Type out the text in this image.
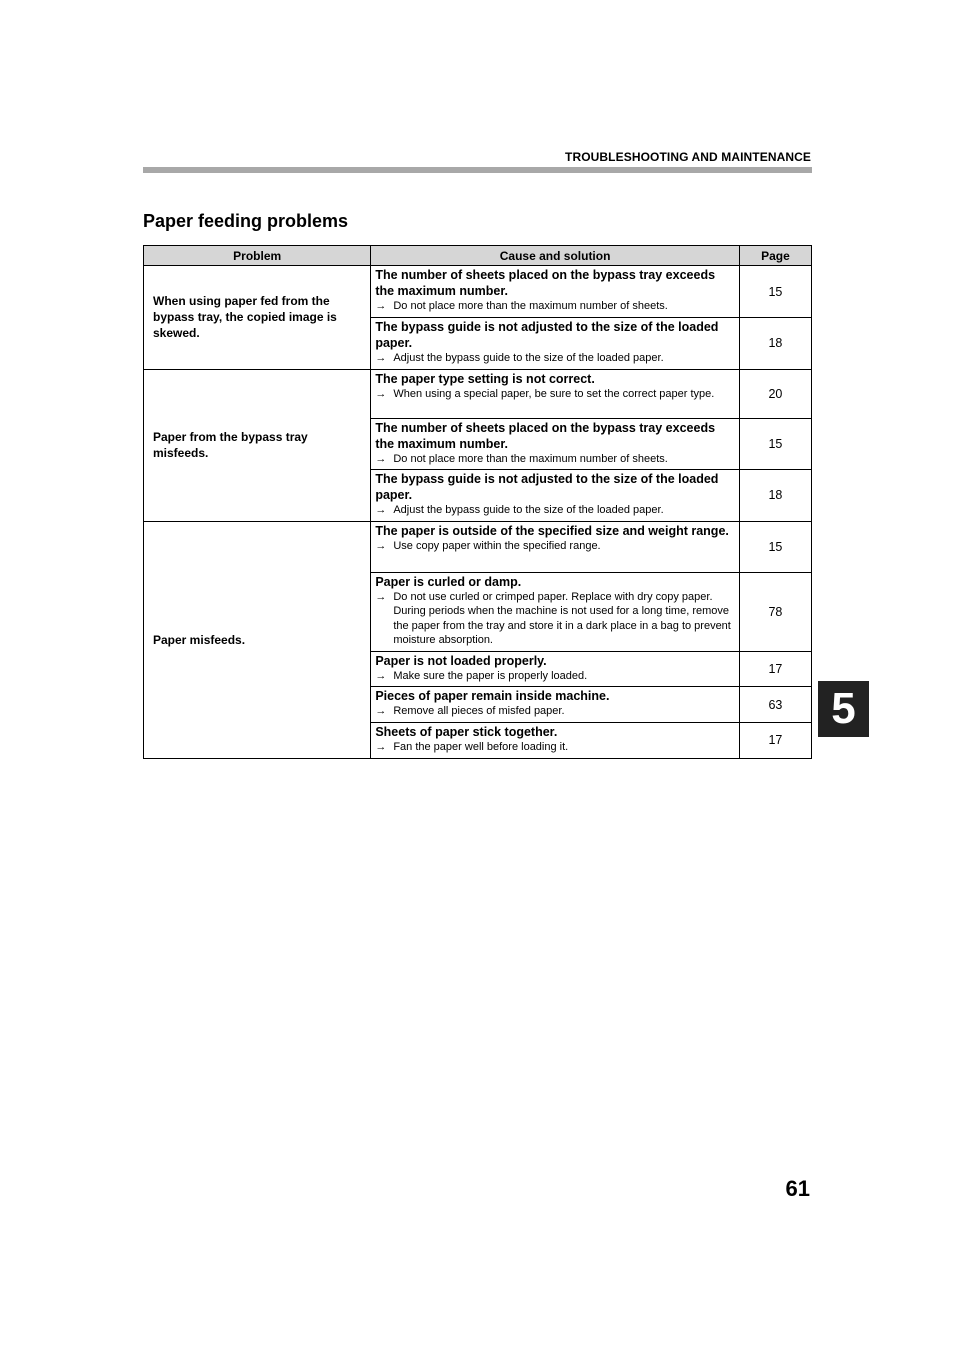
TROUBLESHOOTING AND MAINTENANCE
Paper feeding problems
Problem	Cause and solution	Page
When using paper fed from the bypass tray, the copied image is skewed.	The number of sheets placed on the bypass tray exceeds the maximum number.
→ Do not place more than the maximum number of sheets.	15

	The bypass guide is not adjusted to the size of the loaded paper.
→ Adjust the bypass guide to the size of the loaded paper.	18
Paper from the bypass tray misfeeds.	The paper type setting is not correct.
→ When using a special paper, be sure to set the correct paper type.	20

	The number of sheets placed on the bypass tray exceeds the maximum number.
→ Do not place more than the maximum number of sheets.	15

	The bypass guide is not adjusted to the size of the loaded paper.
→ Adjust the bypass guide to the size of the loaded paper.	18
Paper misfeeds.	The paper is outside of the specified size and weight range.
→ Use copy paper within the specified range.	15

	Paper is curled or damp.
→ Do not use curled or crimped paper. Replace with dry copy paper. During periods when the machine is not used for a long time, remove the paper from the tray and store it in a dark place in a bag to prevent moisture absorption.	78

	Paper is not loaded properly.
→ Make sure the paper is properly loaded.	17

	Pieces of paper remain inside machine.
→ Remove all pieces of misfed paper.	63

	Sheets of paper stick together.
→ Fan the paper well before loading it.	17
5
61
